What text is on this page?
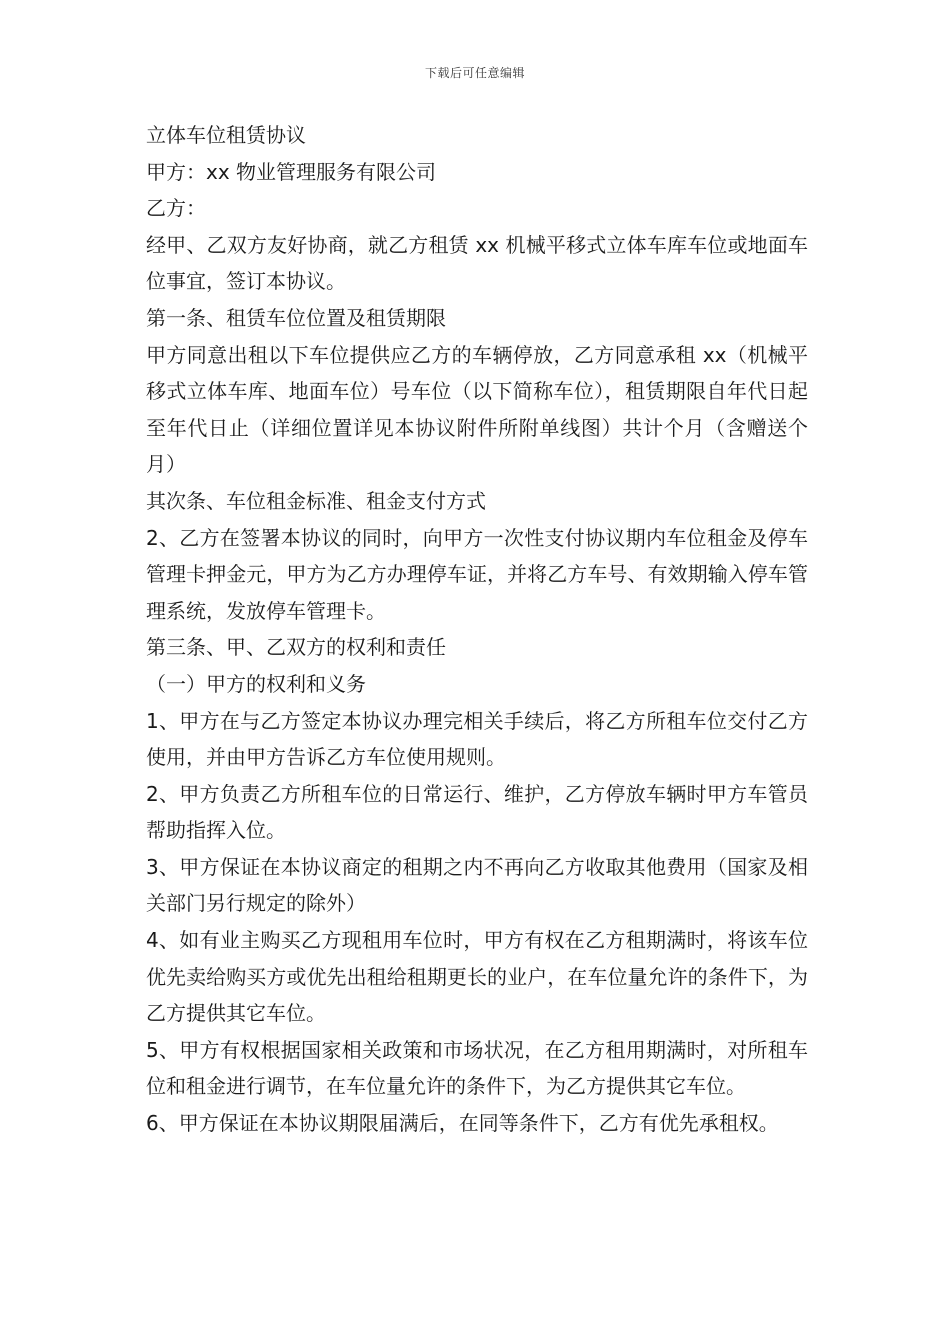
下载后可任意编辑

立体车位租赁协议

甲方：xx 物业管理服务有限公司

乙方：

经甲、乙双方友好协商，就乙方租赁 xx 机械平移式立体车库车位或地面车位事宜，签订本协议。

第一条、租赁车位位置及租赁期限

甲方同意出租以下车位提供应乙方的车辆停放，乙方同意承租 xx（机械平移式立体车库、地面车位）号车位（以下简称车位），租赁期限自年代日起至年代日止（详细位置详见本协议附件所附单线图）共计个月（含赠送个月）

其次条、车位租金标准、租金支付方式

2、乙方在签署本协议的同时，向甲方一次性支付协议期内车位租金及停车管理卡押金元，甲方为乙方办理停车证，并将乙方车号、有效期输入停车管理系统，发放停车管理卡。

第三条、甲、乙双方的权利和责任

（一）甲方的权利和义务

1、甲方在与乙方签定本协议办理完相关手续后，将乙方所租车位交付乙方使用，并由甲方告诉乙方车位使用规则。

2、甲方负责乙方所租车位的日常运行、维护，乙方停放车辆时甲方车管员帮助指挥入位。

3、甲方保证在本协议商定的租期之内不再向乙方收取其他费用（国家及相关部门另行规定的除外）

4、如有业主购买乙方现租用车位时，甲方有权在乙方租期满时，将该车位优先卖给购买方或优先出租给租期更长的业户，在车位量允许的条件下，为乙方提供其它车位。

5、甲方有权根据国家相关政策和市场状况，在乙方租用期满时，对所租车位和租金进行调节，在车位量允许的条件下，为乙方提供其它车位。

6、甲方保证在本协议期限届满后，在同等条件下，乙方有优先承租权。
